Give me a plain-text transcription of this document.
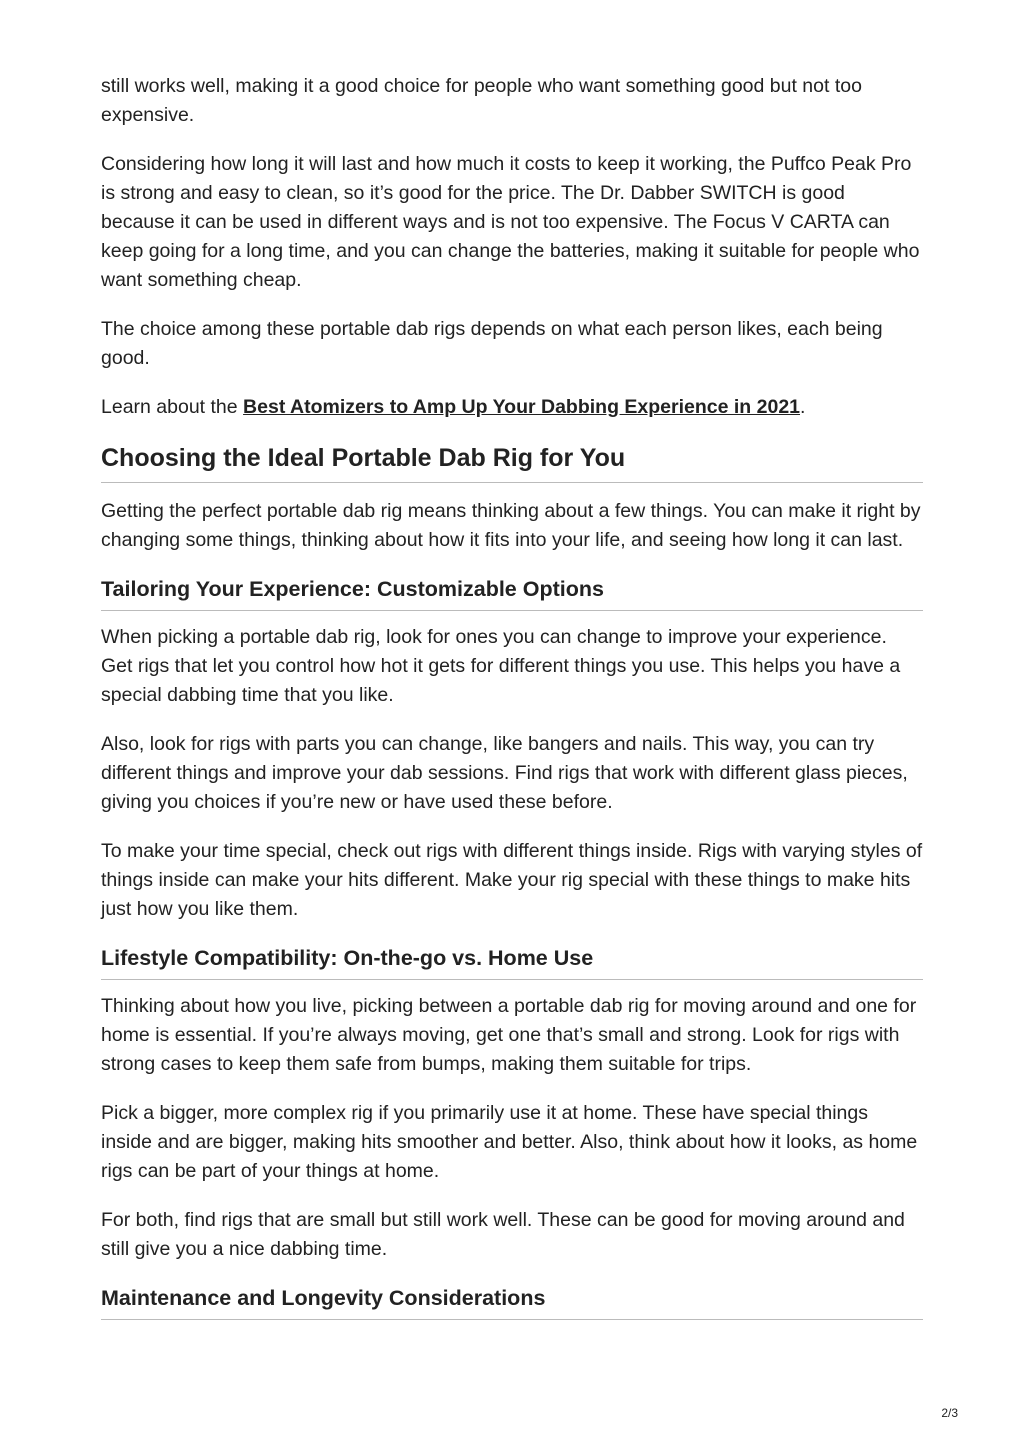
still works well, making it a good choice for people who want something good but not too expensive.

Considering how long it will last and how much it costs to keep it working, the Puffco Peak Pro is strong and easy to clean, so it’s good for the price. The Dr. Dabber SWITCH is good because it can be used in different ways and is not too expensive. The Focus V CARTA can keep going for a long time, and you can change the batteries, making it suitable for people who want something cheap.

The choice among these portable dab rigs depends on what each person likes, each being good.

Learn about the Best Atomizers to Amp Up Your Dabbing Experience in 2021.

Choosing the Ideal Portable Dab Rig for You

Getting the perfect portable dab rig means thinking about a few things. You can make it right by changing some things, thinking about how it fits into your life, and seeing how long it can last.

Tailoring Your Experience: Customizable Options

When picking a portable dab rig, look for ones you can change to improve your experience. Get rigs that let you control how hot it gets for different things you use. This helps you have a special dabbing time that you like.

Also, look for rigs with parts you can change, like bangers and nails. This way, you can try different things and improve your dab sessions. Find rigs that work with different glass pieces, giving you choices if you’re new or have used these before.

To make your time special, check out rigs with different things inside. Rigs with varying styles of things inside can make your hits different. Make your rig special with these things to make hits just how you like them.

Lifestyle Compatibility: On-the-go vs. Home Use

Thinking about how you live, picking between a portable dab rig for moving around and one for home is essential. If you’re always moving, get one that’s small and strong. Look for rigs with strong cases to keep them safe from bumps, making them suitable for trips.

Pick a bigger, more complex rig if you primarily use it at home. These have special things inside and are bigger, making hits smoother and better. Also, think about how it looks, as home rigs can be part of your things at home.

For both, find rigs that are small but still work well. These can be good for moving around and still give you a nice dabbing time.

Maintenance and Longevity Considerations
2/3
